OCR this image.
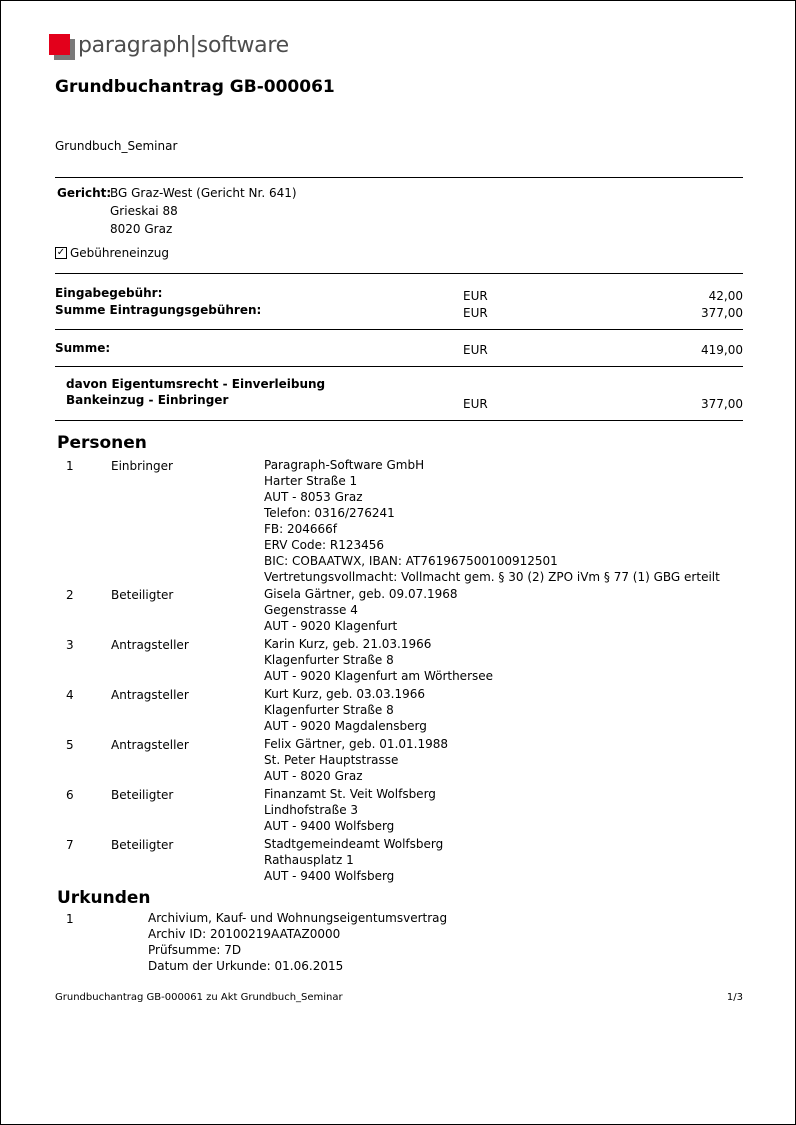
paragraph|software
Grundbuchantrag GB-000061
Grundbuch_Seminar
Gericht:
BG Graz-West (Gericht Nr. 641)
Grieskai 88
8020 Graz
✓ Gebühreneinzug
Eingabegebühr:	EUR	42,00
Summe Eintragungsgebühren:	EUR	377,00
Summe:	EUR	419,00
davon Eigentumsrecht - Einverleibung
Bankeinzug - Einbringer	EUR	377,00
Personen
1	Einbringer	Paragraph-Software GmbH
Harter Straße 1
AUT - 8053 Graz
Telefon: 0316/276241
FB: 204666f
ERV Code: R123456
BIC: COBAATWX, IBAN: AT761967500100912501
Vertretungsvollmacht: Vollmacht gem. § 30 (2) ZPO iVm § 77 (1) GBG erteilt
2	Beteiligter	Gisela Gärtner, geb. 09.07.1968
Gegenstrasse 4
AUT - 9020 Klagenfurt
3	Antragsteller	Karin Kurz, geb. 21.03.1966
Klagenfurter Straße 8
AUT - 9020 Klagenfurt am Wörthersee
4	Antragsteller	Kurt Kurz, geb. 03.03.1966
Klagenfurter Straße 8
AUT - 9020 Magdalensberg
5	Antragsteller	Felix Gärtner, geb. 01.01.1988
St. Peter Hauptstrasse
AUT - 8020 Graz
6	Beteiligter	Finanzamt St. Veit Wolfsberg
Lindhofstraße 3
AUT - 9400 Wolfsberg
7	Beteiligter	Stadtgemeindeamt Wolfsberg
Rathausplatz 1
AUT - 9400 Wolfsberg
Urkunden
1	Archivium, Kauf- und Wohnungseigentumsvertrag
Archiv ID: 20100219AATAZ0000
Prüfsumme: 7D
Datum der Urkunde: 01.06.2015
Grundbuchantrag GB-000061 zu Akt Grundbuch_Seminar	1/3
